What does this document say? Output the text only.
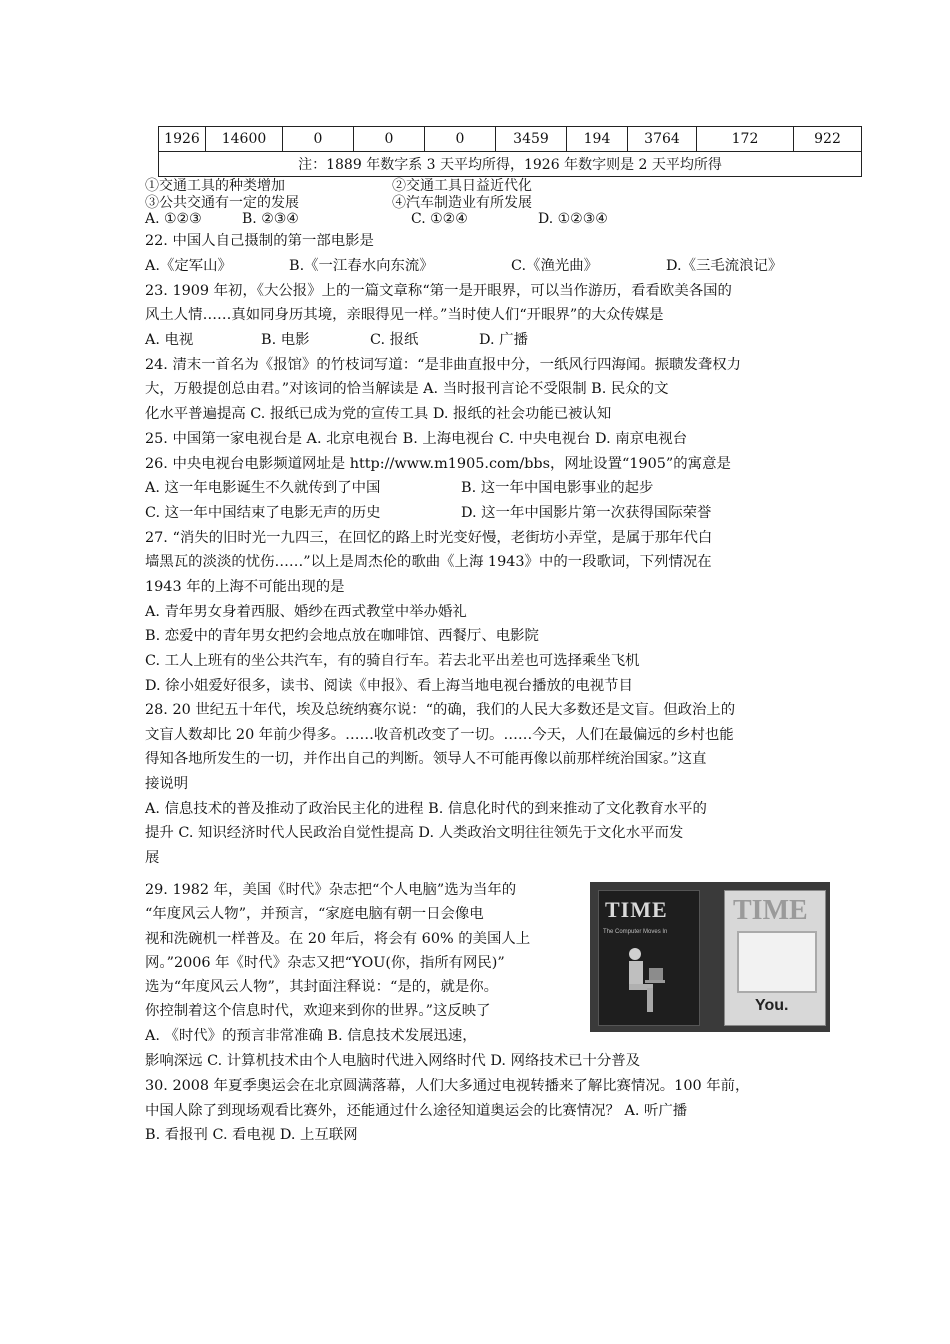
1926	14600	0	0	0	3459	194	3764	172	922
注：1889 年数字系 3 天平均所得，1926 年数字则是 2 天平均所得
①交通工具的种类增加	②交通工具日益近代化
③公共交通有一定的发展	④汽车制造业有所发展
A. ①②③	B. ②③④	C. ①②④	D. ①②③④
22. 中国人自己摄制的第一部电影是
A.《定军山》	B.《一江春水向东流》	C.《渔光曲》	D.《三毛流浪记》
23. 1909 年初，《大公报》上的一篇文章称“第一是开眼界，可以当作游历，看看欧美各国的
风土人情……真如同身历其境，亲眼得见一样。”当时使人们“开眼界”的大众传媒是
A. 电视	B. 电影	C. 报纸	D. 广播
24. 清末一首名为《报馆》的竹枝词写道：“是非曲直报中分，一纸风行四海闻。振聩发聋权力
大，万般提创总由君。”对该词的恰当解读是 A. 当时报刊言论不受限制 B. 民众的文
化水平普遍提高 C. 报纸已成为党的宣传工具 D. 报纸的社会功能已被认知
25. 中国第一家电视台是 A. 北京电视台 B. 上海电视台 C. 中央电视台 D. 南京电视台
26. 中央电视台电影频道网址是 http://www.m1905.com/bbs，网址设置“1905”的寓意是
A. 这一年电影诞生不久就传到了中国	B. 这一年中国电影事业的起步
C. 这一年中国结束了电影无声的历史	D. 这一年中国影片第一次获得国际荣誉
27. “消失的旧时光一九四三，在回忆的路上时光变好慢，老街坊小弄堂，是属于那年代白
墙黑瓦的淡淡的忧伤……”以上是周杰伦的歌曲《上海 1943》中的一段歌词，下列情况在
1943 年的上海不可能出现的是
A. 青年男女身着西服、婚纱在西式教堂中举办婚礼
B. 恋爱中的青年男女把约会地点放在咖啡馆、西餐厅、电影院
C. 工人上班有的坐公共汽车，有的骑自行车。若去北平出差也可选择乘坐飞机
D. 徐小姐爱好很多，读书、阅读《申报》、看上海当地电视台播放的电视节目
28. 20 世纪五十年代，埃及总统纳赛尔说：“的确，我们的人民大多数还是文盲。但政治上的
文盲人数却比 20 年前少得多。……收音机改变了一切。……今天，人们在最偏远的乡村也能
得知各地所发生的一切，并作出自己的判断。领导人不可能再像以前那样统治国家。”这直
接说明
A. 信息技术的普及推动了政治民主化的进程 B. 信息化时代的到来推动了文化教育水平的
提升 C. 知识经济时代人民政治自觉性提高 D. 人类政治文明往往领先于文化水平而发
展
29. 1982 年，美国《时代》杂志把“个人电脑”选为当年的
“年度风云人物”，并预言，“家庭电脑有朝一日会像电
视和洗碗机一样普及。在 20 年后，将会有 60% 的美国人上
网。”2006 年《时代》杂志又把“YOU(你，指所有网民)”
选为“年度风云人物”，其封面注释说：“是的，就是你。
你控制着这个信息时代，欢迎来到你的世界。”这反映了
A. 《时代》的预言非常准确 B. 信息技术发展迅速，
影响深远 C. 计算机技术由个人电脑时代进入网络时代 D. 网络技术已十分普及
TIME
The Computer Moves In
TIME
You.
30. 2008 年夏季奥运会在北京圆满落幕，人们大多通过电视转播来了解比赛情况。100 年前，
中国人除了到现场观看比赛外，还能通过什么途径知道奥运会的比赛情况？ A. 听广播
B. 看报刊 C. 看电视 D. 上互联网
